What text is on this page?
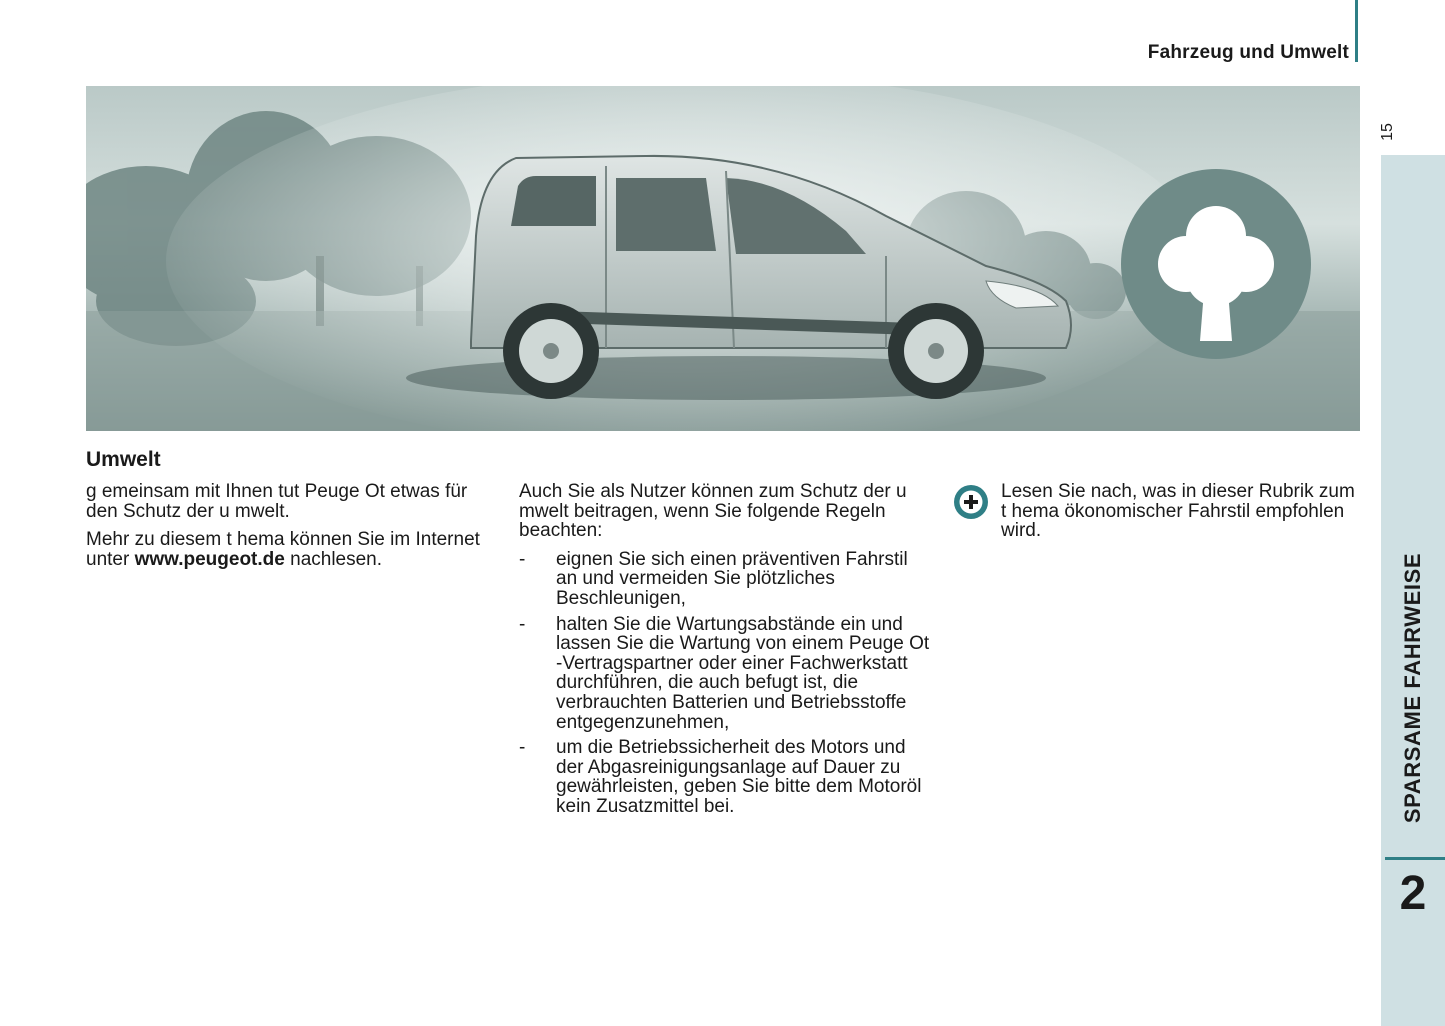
Fahrzeug und Umwelt
15
SPARSAME FAHRWEISE
2
Umwelt

g emeinsam mit Ihnen tut Peuge Ot etwas für den Schutz der u mwelt.

Mehr zu diesem t hema können Sie im Internet unter www.peugeot.de nachlesen.

Auch Sie als Nutzer können zum Schutz der u mwelt beitragen, wenn Sie folgende Regeln beachten:

- eignen Sie sich einen präventiven Fahrstil an und vermeiden Sie plötzliches Beschleunigen,
- halten Sie die Wartungsabstände ein und lassen Sie die Wartung von einem Peuge Ot -Vertragspartner oder einer Fachwerkstatt durchführen, die auch befugt ist, die verbrauchten Batterien und Betriebsstoffe entgegenzunehmen,
- um die Betriebssicherheit des Motors und der Abgasreinigungsanlage auf Dauer zu gewährleisten, geben Sie bitte dem Motoröl kein Zusatzmittel bei.

Lesen Sie nach, was in dieser Rubrik zum t hema ökonomischer Fahrstil empfohlen wird.
